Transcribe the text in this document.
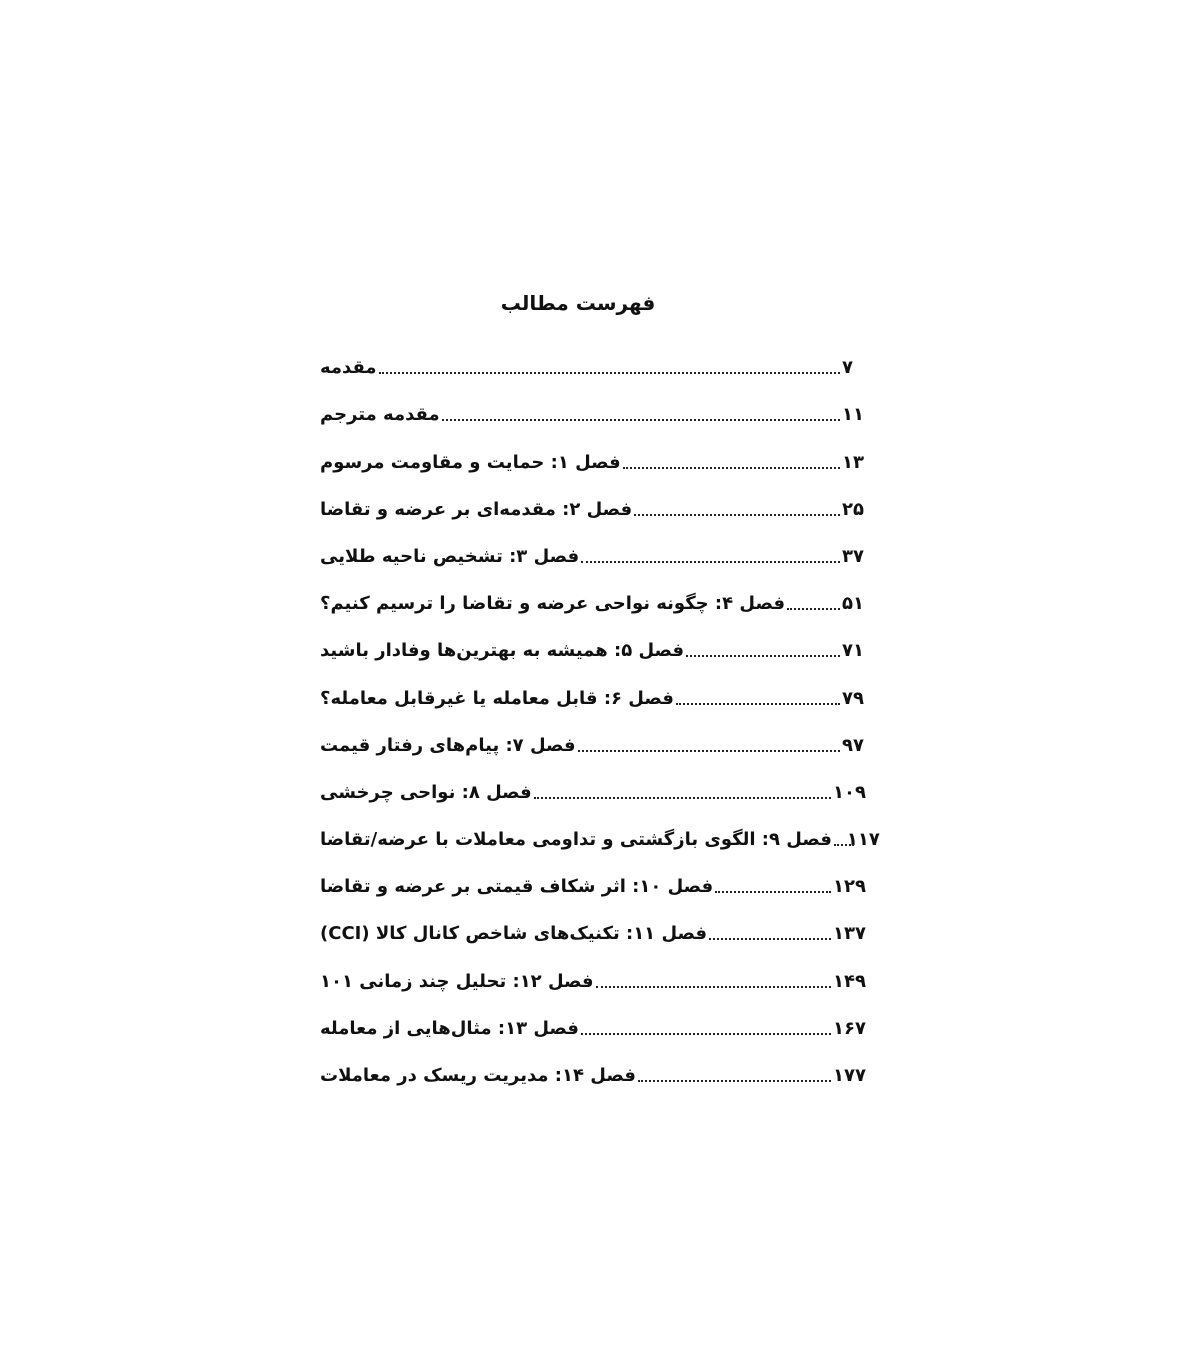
فهرست مطالب
مقدمه	۷
مقدمه مترجم	۱۱
فصل ۱: حمایت و مقاومت مرسوم	۱۳
فصل ۲: مقدمه‌ای بر عرضه و تقاضا	۲۵
فصل ۳: تشخیص ناحیه طلایی	۳۷
فصل ۴: چگونه نواحی عرضه و تقاضا را ترسیم کنیم؟	۵۱
فصل ۵: همیشه به بهترین‌ها وفادار باشید	۷۱
فصل ۶: قابل معامله یا غیرقابل معامله؟	۷۹
فصل ۷: پیام‌های رفتار قیمت	۹۷
فصل ۸: نواحی چرخشی	۱۰۹
فصل ۹: الگوی بازگشتی و تداومی معاملات با عرضه/تقاضا ۱۱۷
فصل ۱۰: اثر شکاف قیمتی بر عرضه و تقاضا	۱۲۹
فصل ۱۱: تکنیک‌های شاخص کانال کالا (CCI)	۱۳۷
فصل ۱۲: تحلیل چند زمانی ۱۰۱	۱۴۹
فصل ۱۳: مثال‌هایی از معامله	۱۶۷
فصل ۱۴: مدیریت ریسک در معاملات	۱۷۷
